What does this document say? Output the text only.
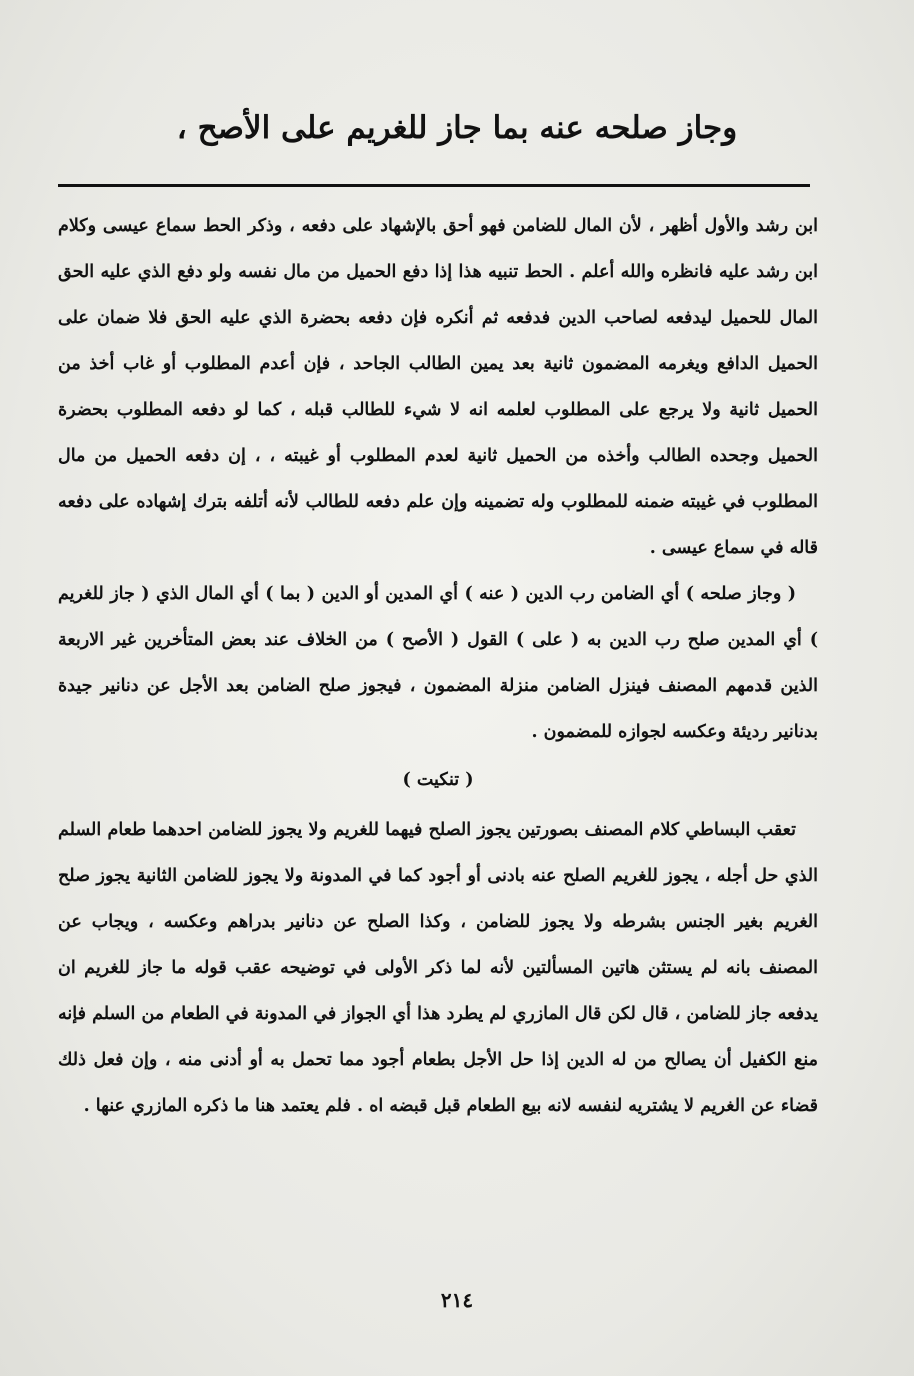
وجاز صلحه عنه بما جاز للغريم على الأصح ،

ابن رشد والأول أظهر ، لأن المال للضامن فهو أحق بالإشهاد على دفعه ، وذكر الحط سماع عيسى وكلام ابن رشد عليه فانظره والله أعلم . الحط تنبيه هذا إذا دفع الحميل من مال نفسه ولو دفع الذي عليه الحق المال للحميل ليدفعه لصاحب الدين فدفعه ثم أنكره فإن دفعه بحضرة الذي عليه الحق فلا ضمان على الحميل الدافع ويغرمه المضمون ثانية بعد يمين الطالب الجاحد ، فإن أعدم المطلوب أو غاب أخذ من الحميل ثانية ولا يرجع على المطلوب لعلمه انه لا شيء للطالب قبله ، كما لو دفعه المطلوب بحضرة الحميل وجحده الطالب وأخذه من الحميل ثانية لعدم المطلوب أو غيبته ، ، إن دفعه الحميل من مال المطلوب في غيبته ضمنه للمطلوب وله تضمينه وإن علم دفعه للطالب لأنه أتلفه بترك إشهاده على دفعه قاله في سماع عيسى .

( وجاز صلحه ) أي الضامن رب الدين ( عنه ) أي المدين أو الدين ( بما ) أي المال الذي ( جاز للغريم ) أي المدين صلح رب الدين به ( على ) القول ( الأصح ) من الخلاف عند بعض المتأخرين غير الاربعة الذين قدمهم المصنف فينزل الضامن منزلة المضمون ، فيجوز صلح الضامن بعد الأجل عن دنانير جيدة بدنانير رديئة وعكسه لجوازه للمضمون .

( تنكيت )

تعقب البساطي كلام المصنف بصورتين يجوز الصلح فيهما للغريم ولا يجوز للضامن احدهما طعام السلم الذي حل أجله ، يجوز للغريم الصلح عنه بادنى أو أجود كما في المدونة ولا يجوز للضامن الثانية يجوز صلح الغريم بغير الجنس بشرطه ولا يجوز للضامن ، وكذا الصلح عن دنانير بدراهم وعكسه ، ويجاب عن المصنف بانه لم يستثن هاتين المسألتين لأنه لما ذكر الأولى في توضيحه عقب قوله ما جاز للغريم ان يدفعه جاز للضامن ، قال لكن قال المازري لم يطرد هذا أي الجواز في المدونة في الطعام من السلم فإنه منع الكفيل أن يصالح من له الدين إذا حل الأجل بطعام أجود مما تحمل به أو أدنى منه ، وإن فعل ذلك قضاء عن الغريم لا يشتريه لنفسه لانه بيع الطعام قبل قبضه اه . فلم يعتمد هنا ما ذكره المازري عنها .

٢١٤
